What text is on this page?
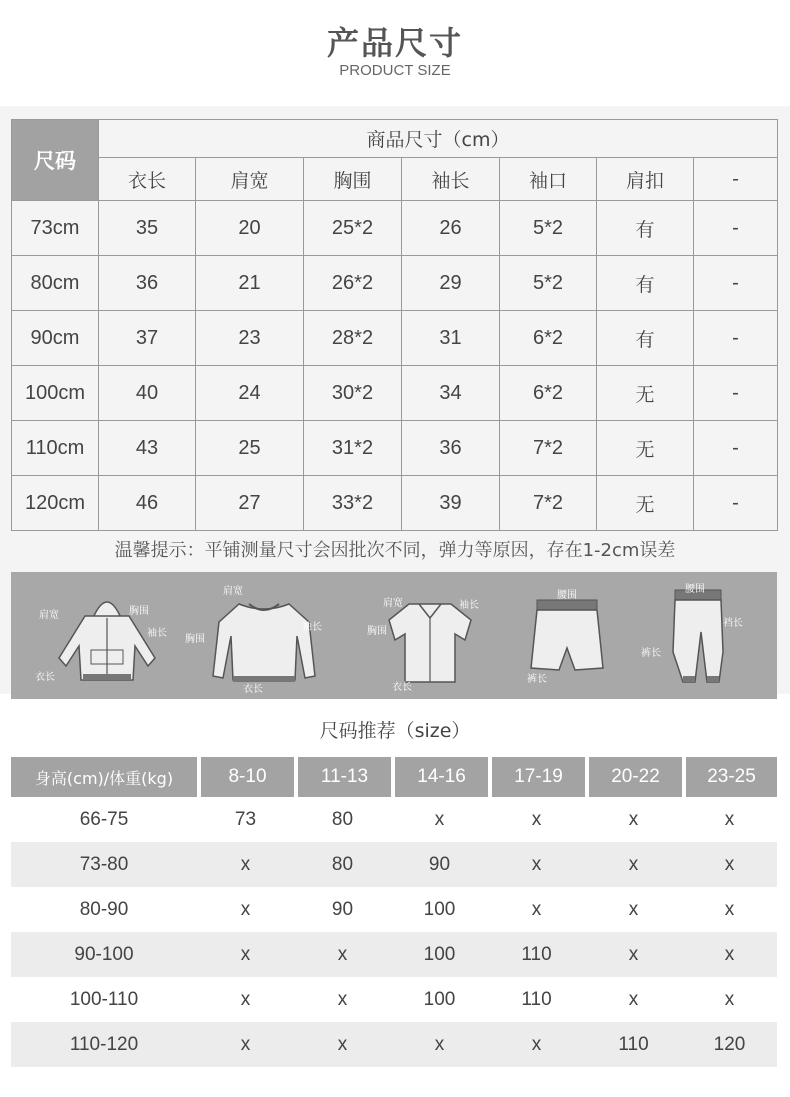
产品尺寸
PRODUCT SIZE
尺码	商品尺寸（cm）						
	衣长	肩宽	胸围	袖长	袖口	肩扣	-
73cm	35	20	25*2	26	5*2	有	-
80cm	36	21	26*2	29	5*2	有	-
90cm	37	23	28*2	31	6*2	有	-
100cm	40	24	30*2	34	6*2	无	-
110cm	43	25	31*2	36	7*2	无	-
120cm	46	27	33*2	39	7*2	无	-
温馨提示：平铺测量尺寸会因批次不同，弹力等原因，存在1-2cm误差
肩宽	胸围
袖长
衣长
肩宽
袖长
胸围
衣长
肩宽	袖长
胸围
衣长
腰围
裤长
腰围
裆长
裤长
尺码推荐（size）
身高(cm)/体重(kg)	8-10	11-13	14-16	17-19	20-22	23-25
66-75	73	80	x	x	x	x
73-80	x	80	90	x	x	x
80-90	x	90	100	x	x	x
90-100	x	x	100	110	x	x
100-110	x	x	100	110	x	x
110-120	x	x	x	x	110	120
